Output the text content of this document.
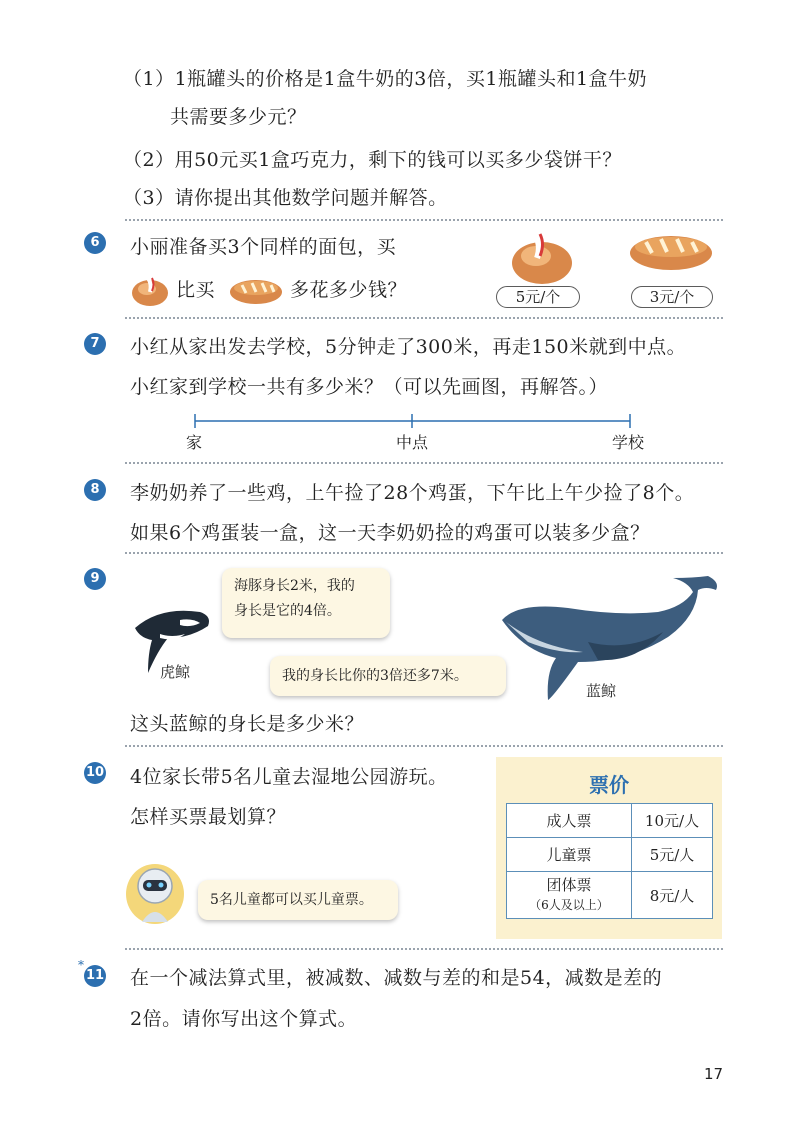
（1）1瓶罐头的价格是1盒牛奶的3倍，买1瓶罐头和1盒牛奶
共需要多少元？
（2）用50元买1盒巧克力，剩下的钱可以买多少袋饼干？
（3）请你提出其他数学问题并解答。
6	小丽准备买3个同样的面包，买
比买	多花多少钱？	5元/个	3元/个
7	小红从家出发去学校，5分钟走了300米，再走150米就到中点。
小红家到学校一共有多少米？（可以先画图，再解答。）
家	中点	学校
8	李奶奶养了一些鸡，上午捡了28个鸡蛋，下午比上午少捡了8个。
如果6个鸡蛋装一盒，这一天李奶奶捡的鸡蛋可以装多少盒？
9
虎鲸
海豚身长2米，我的
身长是它的4倍。
我的身长比你的3倍还多7米。
蓝鲸
这头蓝鲸的身长是多少米？
10 4位家长带5名儿童去湿地公园游玩。
怎样买票最划算？
5名儿童都可以买儿童票。
票价
成人票	10元/人
儿童票	5元/人

团体票
（6人及以上）	8元/人
*
11 在一个减法算式里，被减数、减数与差的和是54，减数是差的
2倍。请你写出这个算式。
17
